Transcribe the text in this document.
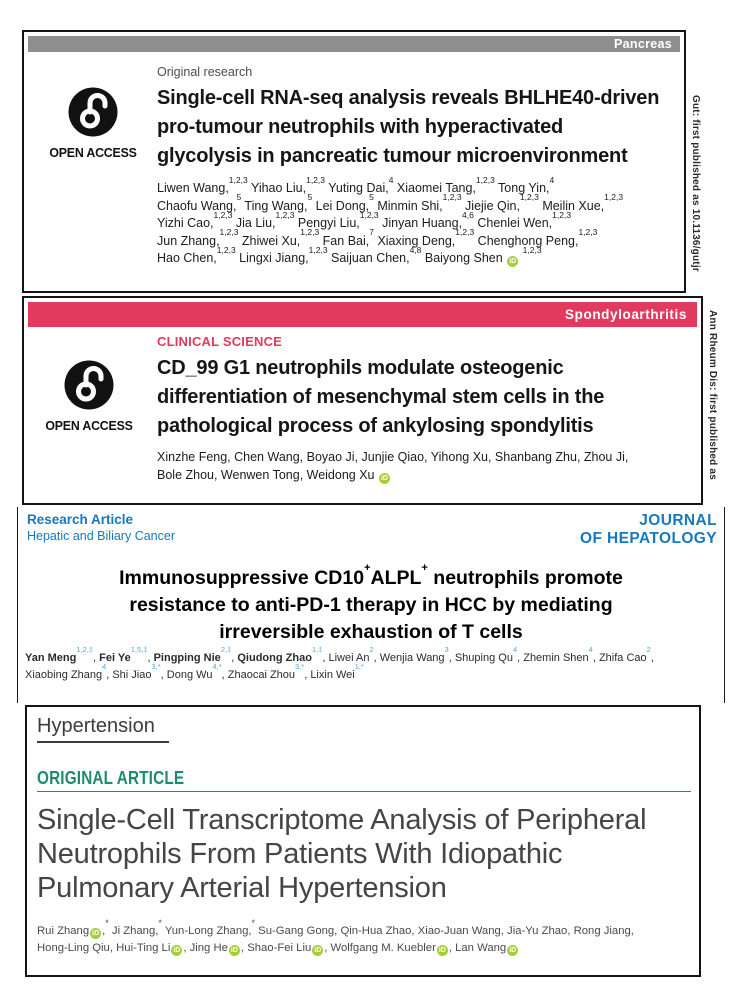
Pancreas
OPEN ACCESS
Original research
Single-cell RNA-seq analysis reveals BHLHE40-driven pro-tumour neutrophils with hyperactivated glycolysis in pancreatic tumour microenvironment
Liwen Wang,$^{1,2,3}$ Yihao Liu,$^{1,2,3}$ Yuting Dai,$^4$ Xiaomei Tang,$^{1,2,3}$ Tong Yin,$^4$
Chaofu Wang,$^5$ Ting Wang,$^5$ Lei Dong,$^5$ Minmin Shi,$^{1,2,3}$ Jiejie Qin,$^{1,2,3}$ Meilin Xue,$^{1,2,3}$
Yizhi Cao,$^{1,2,3}$ Jia Liu,$^{1,2,3}$ Pengyi Liu,$^{1,2,3}$ Jinyan Huang,$^{4,6}$ Chenlei Wen,$^{1,2,3}$
Jun Zhang,$^{1,2,3}$ Zhiwei Xu,$^{1,2,3}$ Fan Bai,$^7$ Xiaxing Deng,$^{1,2,3}$ Chenghong Peng,$^{1,2,3}$
Hao Chen,$^{1,2,3}$ Lingxi Jiang,$^{1,2,3}$ Saijuan Chen,$^{4,8}$ Baiyong Shen iD $^{1,2,3}$	Gut: first published as 10.1136/gutjr
Spondyloarthritis
OPEN ACCESS
CLINICAL SCIENCE
CD_99 G1 neutrophils modulate osteogenic differentiation of mesenchymal stem cells in the pathological process of ankylosing spondylitis
Xinzhe Feng, Chen Wang, Boyao Ji, Junjie Qiao, Yihong Xu, Shanbang Zhu, Zhou Ji,
Bole Zhou, Wenwen Tong, Weidong Xu iD	Ann Rheum Dis: first published as
Research Article
Hepatic and Biliary Cancer
JOURNAL
OF HEPATOLOGY
Immunosuppressive CD10+ALPL+ neutrophils promote resistance to anti-PD-1 therapy in HCC by mediating irreversible exhaustion of T cells
Yan Meng$^{1,2,\ddagger}$, Fei $Ye^{1,5,\ddagger}$, Pingping Nie$^{2,\ddagger}$, Qiudong Zhao$^{1,\ddagger}$, Liwei An$^2$, Wenjia Wang$^3$, Shuping Qu$^4$, Zhemin Shen$^4$, Zhifa Cao$^2$,
Xiaobing Zhang$^4$, Shi Jiao$^{3,*}$, Dong $Wu^{4,*}$, Zhaocai Zhou$^{3,*}$, Lixin Wei$^{1,*}$
Hypertension
ORIGINAL ARTICLE
Single-Cell Transcriptome Analysis of Peripheral Neutrophils From Patients With Idiopathic Pulmonary Arterial Hypertension
Rui Zhang iD ,* Ji Zhang,* Yun-Long Zhang,* Su-Gang Gong, Qin-Hua Zhao, Xiao-Juan Wang, Jia-Yu Zhao, Rong Jiang,
Hong-Ling Qiu, Hui-Ting Li iD , Jing He iD , Shao-Fei Liu iD , Wolfgang M. Kuebler iD , Lan Wang iD
